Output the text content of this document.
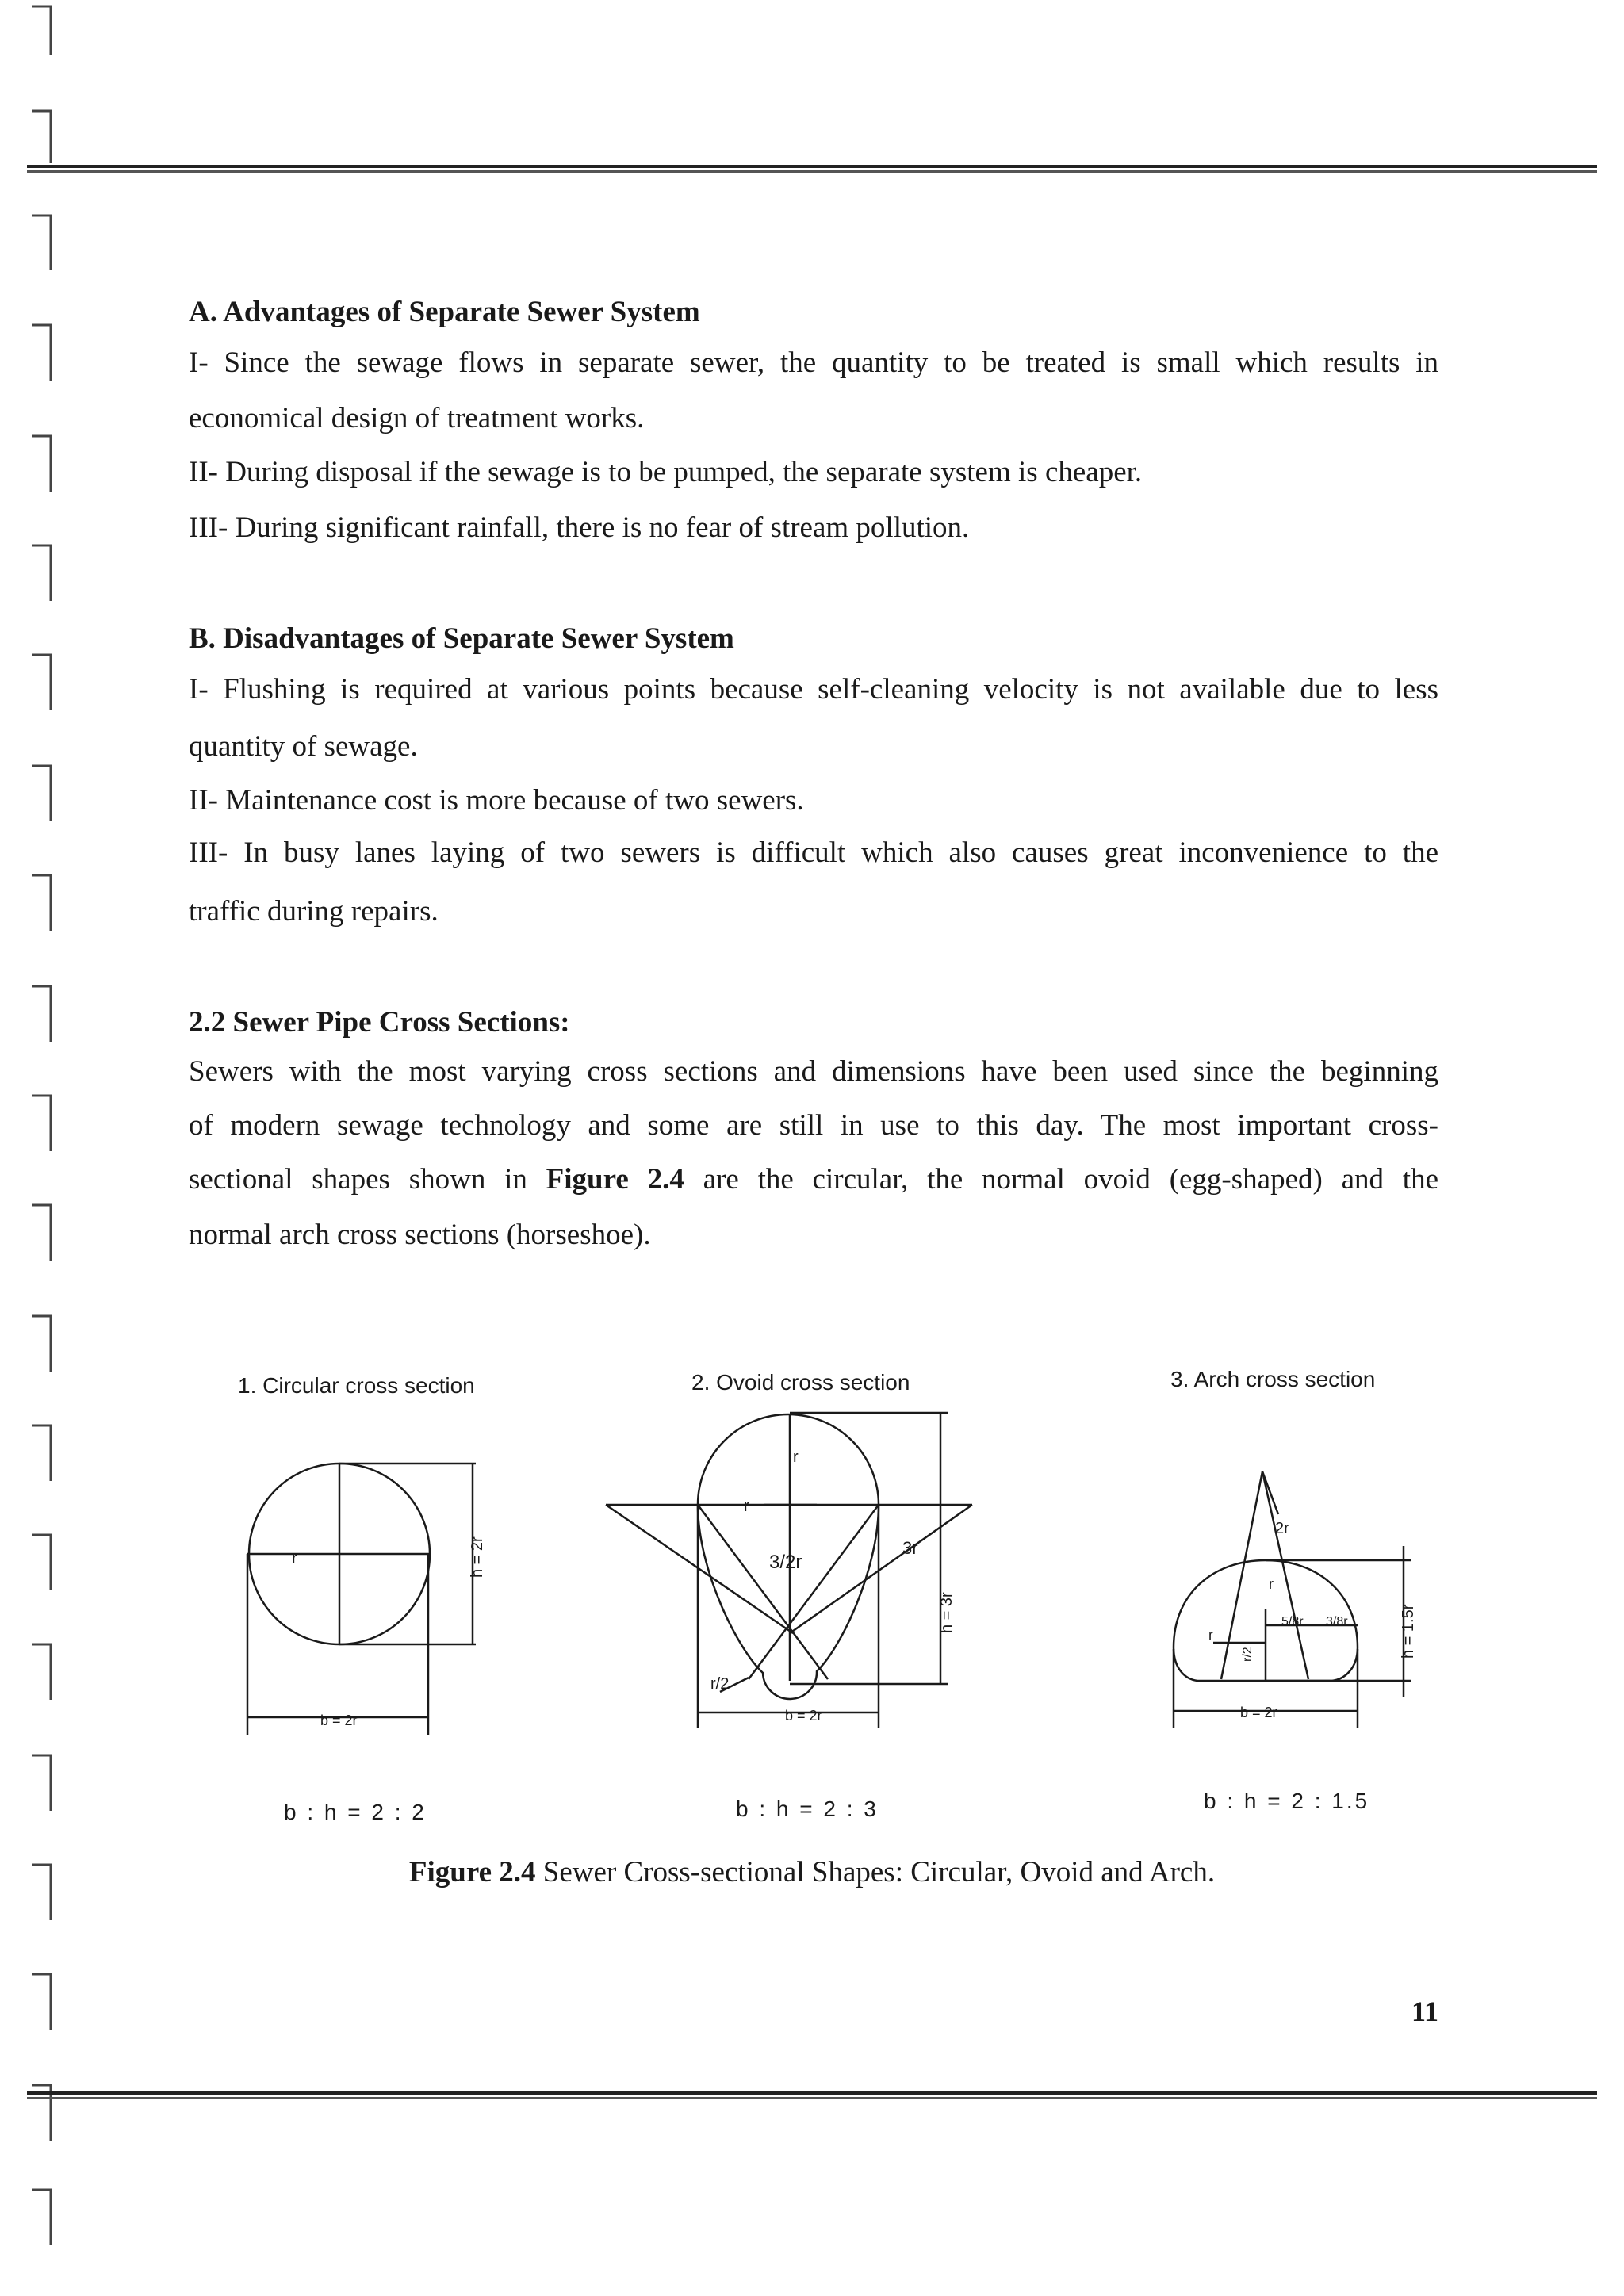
A. Advantages of Separate Sewer System
I- Since the sewage flows in separate sewer, the quantity to be treated is small which results in
economical design of treatment works.
II- During disposal if the sewage is to be pumped, the separate system is cheaper.
III- During significant rainfall, there is no fear of stream pollution.
B. Disadvantages of Separate Sewer System
I- Flushing is required at various points because self-cleaning velocity is not available due to less
quantity of sewage.
II- Maintenance cost is more because of two sewers.
III- In busy lanes laying of two sewers is difficult which also causes great inconvenience to the
traffic during repairs.
2.2 Sewer Pipe Cross Sections:
Sewers with the most varying cross sections and dimensions have been used since the beginning
of modern sewage technology and some are still in use to this day. The most important cross-
sectional shapes shown in Figure 2.4 are the circular, the normal ovoid (egg-shaped) and the
normal arch cross sections (horseshoe).
1. Circular cross section	2. Ovoid cross section	3. Arch cross section
r	h = 2r
b = 2r
r
r
3/2r
3r
r/2
h = 3r
b = 2r
2r
r
r
r/2
5/8r 3/8r	h = 1.5r
b = 2r
b : h = 2 : 2	b : h = 2 : 3	b : h = 2 : 1.5
Figure 2.4 Sewer Cross-sectional Shapes: Circular, Ovoid and Arch.
11
